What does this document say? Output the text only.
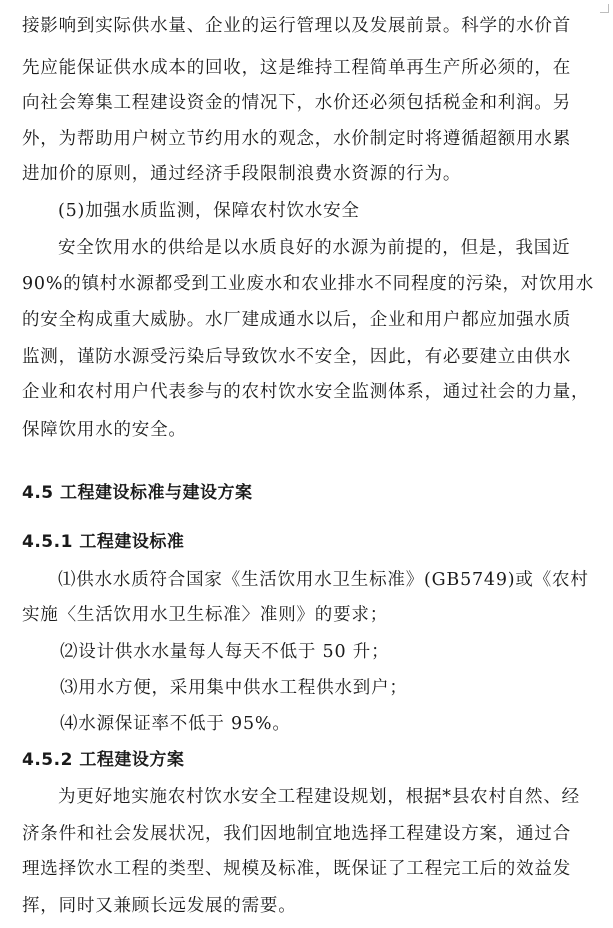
接影响到实际供水量、企业的运行管理以及发展前景。科学的水价首
先应能保证供水成本的回收，这是维持工程简单再生产所必须的，在
向社会筹集工程建设资金的情况下，水价还必须包括税金和利润。另
外，为帮助用户树立节约用水的观念，水价制定时将遵循超额用水累
进加价的原则，通过经济手段限制浪费水资源的行为。
(5)加强水质监测，保障农村饮水安全
安全饮用水的供给是以水质良好的水源为前提的，但是，我国近
90%的镇村水源都受到工业废水和农业排水不同程度的污染，对饮用水
的安全构成重大威胁。水厂建成通水以后，企业和用户都应加强水质
监测，谨防水源受污染后导致饮水不安全，因此，有必要建立由供水
企业和农村用户代表参与的农村饮水安全监测体系，通过社会的力量，
保障饮用水的安全。
4.5 工程建设标准与建设方案
4.5.1 工程建设标准
⑴供水水质符合国家《生活饮用水卫生标准》(GB5749)或《农村
实施〈生活饮用水卫生标准〉准则》的要求；
⑵设计供水水量每人每天不低于 50 升；
⑶用水方便，采用集中供水工程供水到户；
⑷水源保证率不低于 95%。
4.5.2 工程建设方案
为更好地实施农村饮水安全工程建设规划，根据*县农村自然、经
济条件和社会发展状况，我们因地制宜地选择工程建设方案，通过合
理选择饮水工程的类型、规模及标准，既保证了工程完工后的效益发
挥，同时又兼顾长远发展的需要。
